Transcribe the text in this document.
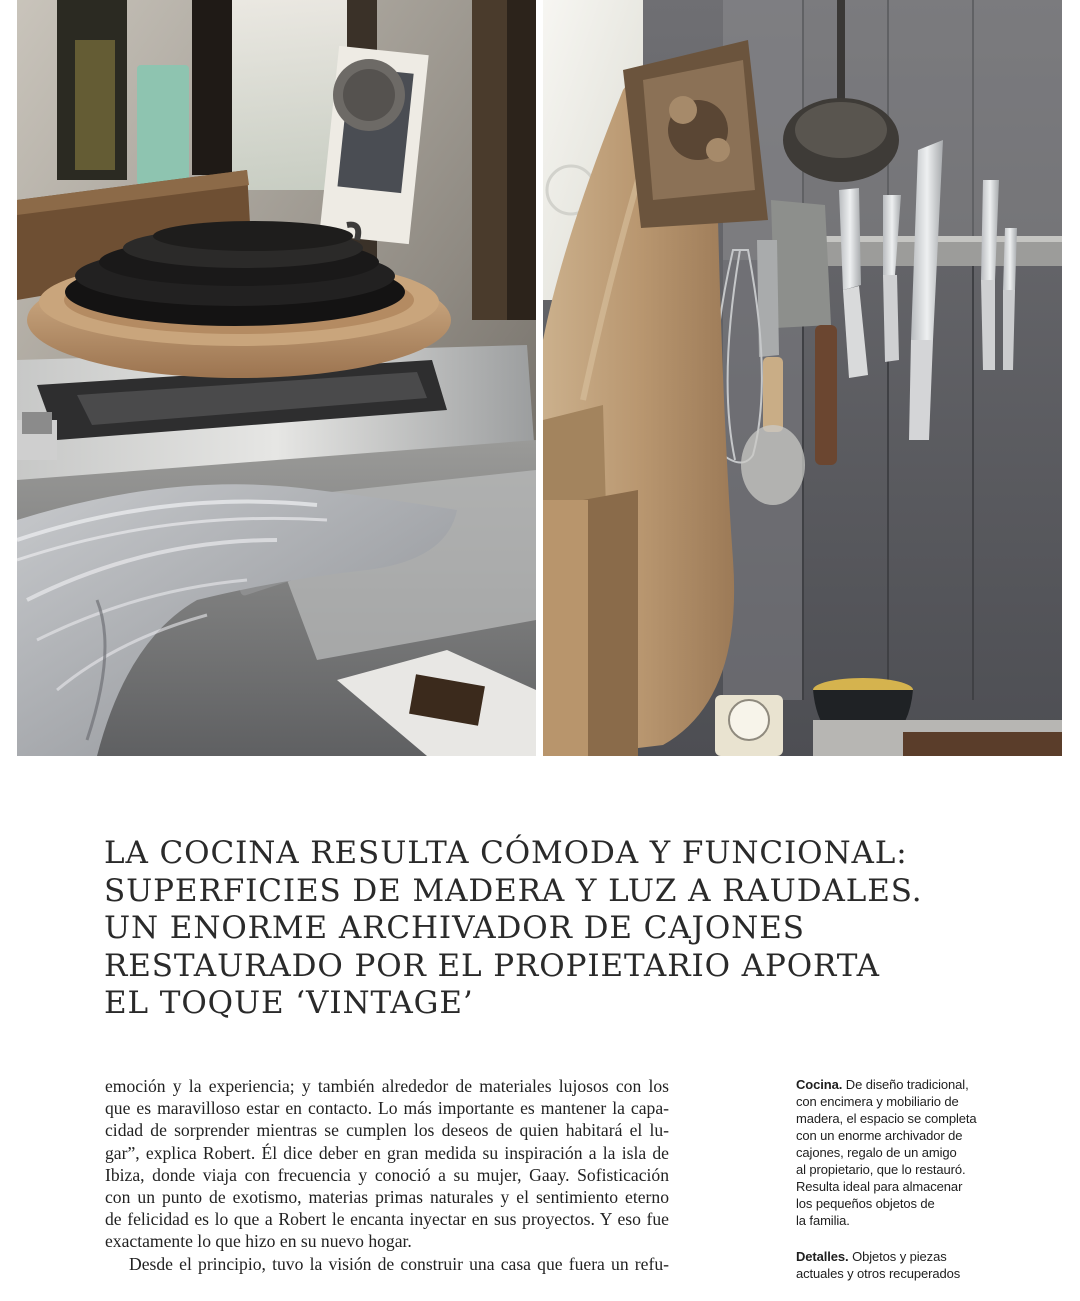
LA COCINA RESULTA CÓMODA Y FUNCIONAL:
SUPERFICIES DE MADERA Y LUZ A RAUDALES.
UN ENORME ARCHIVADOR DE CAJONES
RESTAURADO POR EL PROPIETARIO APORTA
EL TOQUE ‘VINTAGE’
emoción y la experiencia; y también alrededor de materiales lujosos con los
que es maravilloso estar en contacto. Lo más importante es mantener la capa-
cidad de sorprender mientras se cumplen los deseos de quien habitará el lu-
gar”, explica Robert. Él dice deber en gran medida su inspiración a la isla de
Ibiza, donde viaja con frecuencia y conoció a su mujer, Gaay. Sofisticación
con un punto de exotismo, materias primas naturales y el sentimiento eterno
de felicidad es lo que a Robert le encanta inyectar en sus proyectos. Y eso fue
exactamente lo que hizo en su nuevo hogar.
Desde el principio, tuvo la visión de construir una casa que fuera un refu-
Cocina. De diseño tradicional,
con encimera y mobiliario de
madera, el espacio se completa
con un enorme archivador de
cajones, regalo de un amigo
al propietario, que lo restauró.
Resulta ideal para almacenar
los pequeños objetos de
la familia.
Detalles. Objetos y piezas
actuales y otros recuperados
